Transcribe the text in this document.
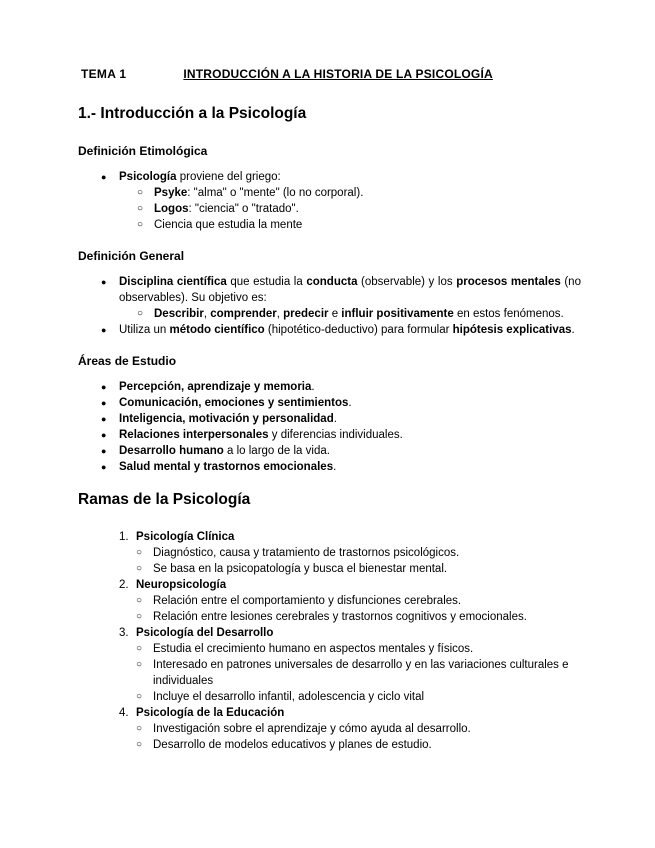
TEMA 1	INTRODUCCIÓN A LA HISTORIA DE LA PSICOLOGÍA
1.- Introducción a la Psicología
Definición Etimológica
●	Psicología proviene del griego:
○ Psyke: "alma" o "mente" (lo no corporal).
○ Logos: "ciencia" o "tratado".
○ Ciencia que estudia la mente
Definición General
●	Disciplina científica que estudia la conducta (observable) y los procesos mentales (no observables). Su objetivo es:
○ Describir, comprender, predecir e influir positivamente en estos fenómenos.
●	Utiliza un método científico (hipotético-deductivo) para formular hipótesis explicativas.
Áreas de Estudio
●	Percepción, aprendizaje y memoria.
●	Comunicación, emociones y sentimientos.
●	Inteligencia, motivación y personalidad.
●	Relaciones interpersonales y diferencias individuales.
●	Desarrollo humano a lo largo de la vida.
●	Salud mental y trastornos emocionales.
Ramas de la Psicología
1. Psicología Clínica
○ Diagnóstico, causa y tratamiento de trastornos psicológicos.
○ Se basa en la psicopatología y busca el bienestar mental.
2. Neuropsicología
○ Relación entre el comportamiento y disfunciones cerebrales.
○ Relación entre lesiones cerebrales y trastornos cognitivos y emocionales.
3. Psicología del Desarrollo
○ Estudia el crecimiento humano en aspectos mentales y físicos.
○ Interesado en patrones universales de desarrollo y en las variaciones culturales e individuales
○ Incluye el desarrollo infantil, adolescencia y ciclo vital
4. Psicología de la Educación
○ Investigación sobre el aprendizaje y cómo ayuda al desarrollo.
○ Desarrollo de modelos educativos y planes de estudio.
